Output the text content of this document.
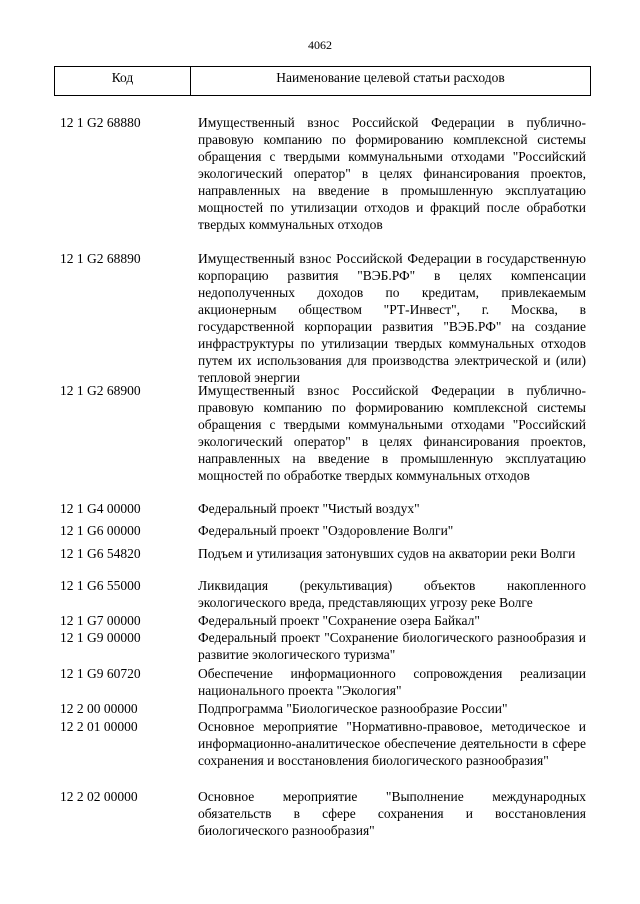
4062
Код	Наименование целевой статьи расходов
12 1 G2 68880	Имущественный взнос Российской Федерации в публично-правовую компанию по формированию комплексной системы обращения с твердыми коммунальными отходами "Российский экологический оператор" в целях финансирования проектов, направленных на введение в промышленную эксплуатацию мощностей по утилизации отходов и фракций после обработки твердых коммунальных отходов
12 1 G2 68890	Имущественный взнос Российской Федерации в государственную корпорацию развития "ВЭБ.РФ" в целях компенсации недополученных доходов по кредитам, привлекаемым акционерным обществом "РТ-Инвест", г. Москва, в государственной корпорации развития "ВЭБ.РФ" на создание инфраструктуры по утилизации твердых коммунальных отходов путем их использования для производства электрической и (или) тепловой энергии
12 1 G2 68900	Имущественный взнос Российской Федерации в публично-правовую компанию по формированию комплексной системы обращения с твердыми коммунальными отходами "Российский экологический оператор" в целях финансирования проектов, направленных на введение в промышленную эксплуатацию мощностей по обработке твердых коммунальных отходов
12 1 G4 00000	Федеральный проект "Чистый воздух"
12 1 G6 00000	Федеральный проект "Оздоровление Волги"
12 1 G6 54820	Подъем и утилизация затонувших судов на акватории реки Волги
12 1 G6 55000	Ликвидация (рекультивация) объектов накопленного экологического вреда, представляющих угрозу реке Волге
12 1 G7 00000	Федеральный проект "Сохранение озера Байкал"
12 1 G9 00000	Федеральный проект "Сохранение биологического разнообразия и развитие экологического туризма"
12 1 G9 60720	Обеспечение информационного сопровождения реализации национального проекта "Экология"
12 2 00 00000	Подпрограмма "Биологическое разнообразие России"
12 2 01 00000	Основное мероприятие "Нормативно-правовое, методическое и информационно-аналитическое обеспечение деятельности в сфере сохранения и восстановления биологического разнообразия"
12 2 02 00000	Основное мероприятие "Выполнение международных обязательств в сфере сохранения и восстановления биологического разнообразия"
